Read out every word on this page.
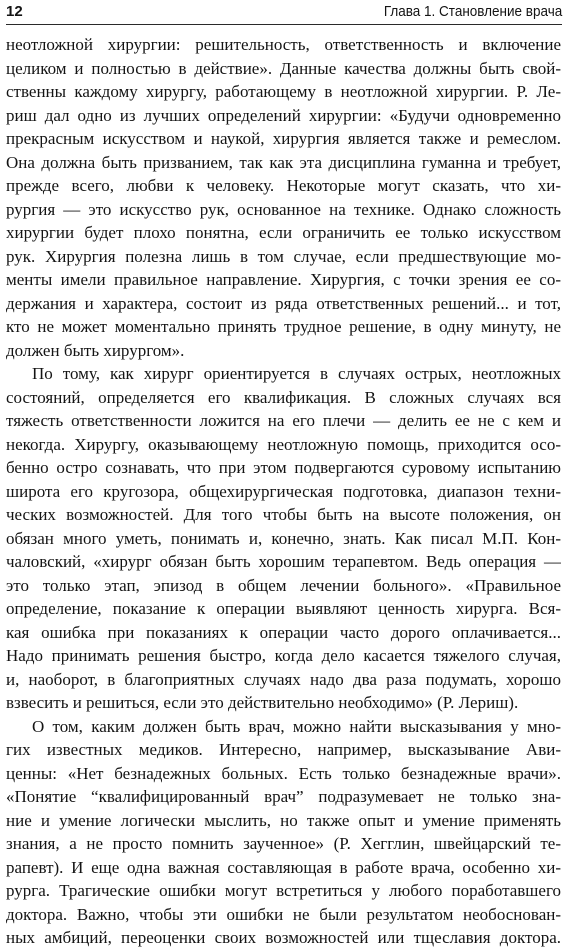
12	Глава 1. Становление врача
неотложной хирургии: решительность, ответственность и включение
целиком и полностью в действие». Данные качества должны быть свой-
ственны каждому хирургу, работающему в неотложной хирургии. Р. Ле-
риш дал одно из лучших определений хирургии: «Будучи одновременно
прекрасным искусством и наукой, хирургия является также и ремеслом.
Она должна быть призванием, так как эта дисциплина гуманна и требует,
прежде всего, любви к человеку. Некоторые могут сказать, что хи-
рургия — это искусство рук, основанное на технике. Однако сложность
хирургии будет плохо понятна, если ограничить ее только искусством
рук. Хирургия полезна лишь в том случае, если предшествующие мо-
менты имели правильное направление. Хирургия, с точки зрения ее со-
держания и характера, состоит из ряда ответственных решений... и тот,
кто не может моментально принять трудное решение, в одну минуту, не
должен быть хирургом».
По тому, как хирург ориентируется в случаях острых, неотложных
состояний, определяется его квалификация. В сложных случаях вся
тяжесть ответственности ложится на его плечи — делить ее не с кем и
некогда. Хирургу, оказывающему неотложную помощь, приходится осо-
бенно остро сознавать, что при этом подвергаются суровому испытанию
широта его кругозора, общехирургическая подготовка, диапазон техни-
ческих возможностей. Для того чтобы быть на высоте положения, он
обязан много уметь, понимать и, конечно, знать. Как писал М.П. Кон-
чаловский, «хирург обязан быть хорошим терапевтом. Ведь операция —
это только этап, эпизод в общем лечении больного». «Правильное
определение, показание к операции выявляют ценность хирурга. Вся-
кая ошибка при показаниях к операции часто дорого оплачивается...
Надо принимать решения быстро, когда дело касается тяжелого случая,
и, наоборот, в благоприятных случаях надо два раза подумать, хорошо
взвесить и решиться, если это действительно необходимо» (Р. Лериш).
О том, каким должен быть врач, можно найти высказывания у мно-
гих известных медиков. Интересно, например, высказывание Ави-
ценны: «Нет безнадежных больных. Есть только безнадежные врачи».
«Понятие “квалифицированный врач” подразумевает не только зна-
ние и умение логически мыслить, но также опыт и умение применять
знания, а не просто помнить заученное» (Р. Хегглин, швейцарский те-
рапевт). И еще одна важная составляющая в работе врача, особенно хи-
рурга. Трагические ошибки могут встретиться у любого поработавшего
доктора. Важно, чтобы эти ошибки не были результатом необоснован-
ных амбиций, переоценки своих возможностей или тщеславия доктора.
